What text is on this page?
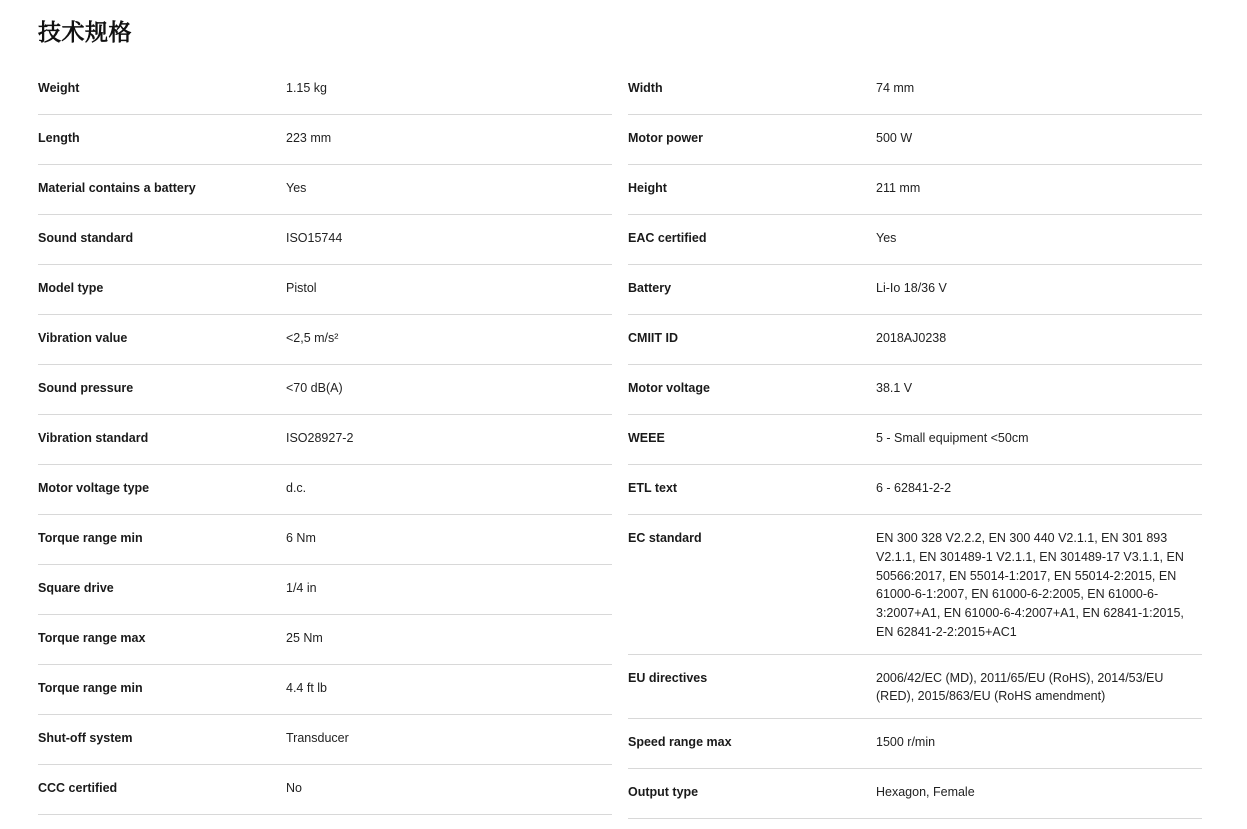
技术规格
Weight	1.15 kg
Length	223 mm
Material contains a battery	Yes
Sound standard	ISO15744
Model type	Pistol
Vibration value	<2,5 m/s²
Sound pressure	<70 dB(A)
Vibration standard	ISO28927-2
Motor voltage type	d.c.
Torque range min	6 Nm
Square drive	1/4 in
Torque range max	25 Nm
Torque range min	4.4 ft lb
Shut-off system	Transducer
CCC certified	No
Width	74 mm
Motor power	500 W
Height	211 mm
EAC certified	Yes
Battery	Li-Io 18/36 V
CMIIT ID	2018AJ0238
Motor voltage	38.1 V
WEEE	5 - Small equipment <50cm
ETL text	6 - 62841-2-2
EC standard	EN 300 328 V2.2.2, EN 300 440 V2.1.1, EN 301 893 V2.1.1, EN 301489-1 V2.1.1, EN 301489-17 V3.1.1, EN 50566:2017, EN 55014-1:2017, EN 55014-2:2015, EN 61000-6-1:2007, EN 61000-6-2:2005, EN 61000-6-3:2007+A1, EN 61000-6-4:2007+A1, EN 62841-1:2015, EN 62841-2-2:2015+AC1
EU directives	2006/42/EC (MD), 2011/65/EU (RoHS), 2014/53/EU (RED), 2015/863/EU (RoHS amendment)
Speed range max	1500 r/min
Output type	Hexagon, Female
